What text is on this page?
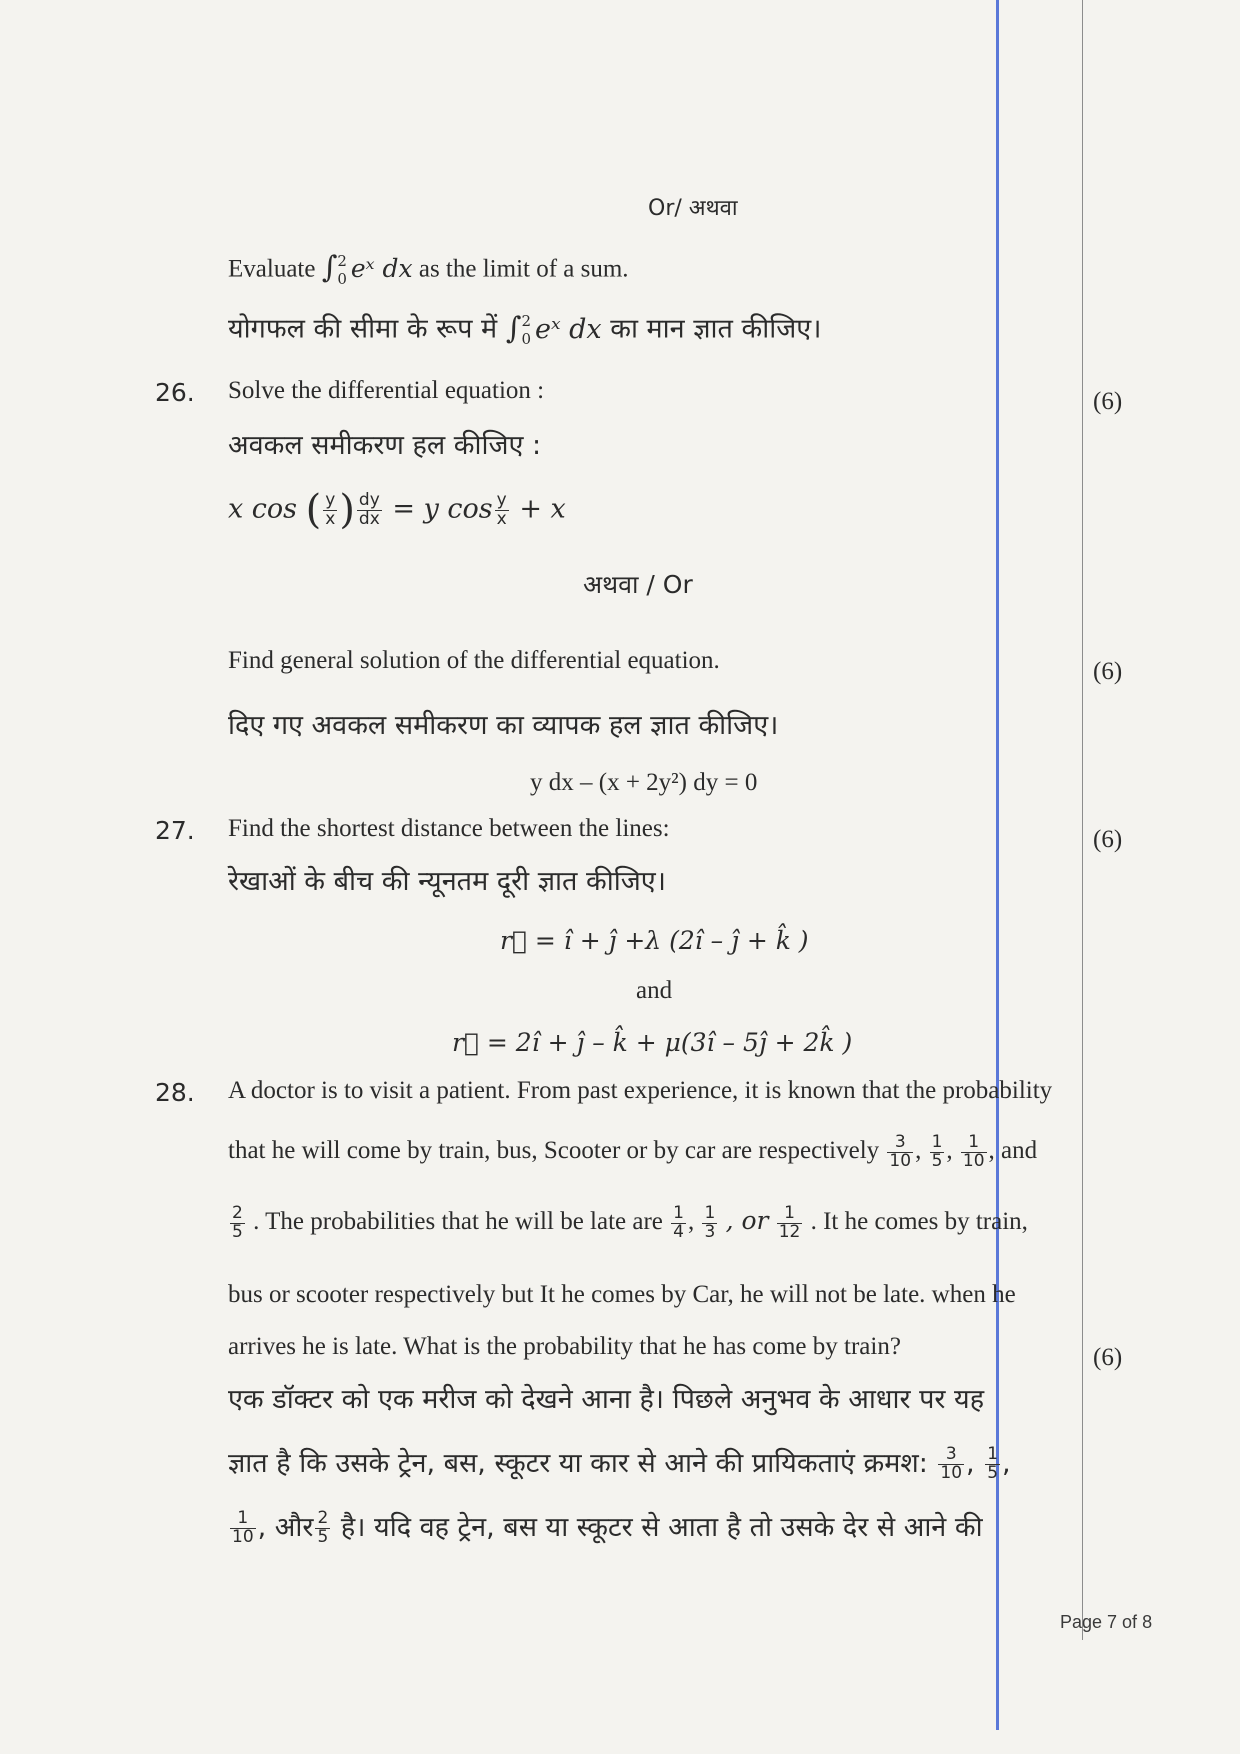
Or/ अथवा
Evaluate ∫ 2
0 eˣ dx as the limit of a sum.
योगफल की सीमा के रूप में ∫ 2
0 eˣ dx का मान ज्ञात कीजिए।
26. Solve the differential equation :	(6)
अवकल समीकरण हल कीजिए :
x cos ( $\frac{y}{x}$ ) $\frac{dy}{dx} = y$ $\cos \frac{y}{x} + x$
अथवा / Or
Find general solution of the differential equation.	(6)
दिए गए अवकल समीकरण का व्यापक हल ज्ञात कीजिए।
y dx – (x + 2y²) dy = 0
27. Find the shortest distance between the lines:	(6)
रेखाओं के बीच की न्यूनतम दूरी ज्ञात कीजिए।
r⃗ = î + ĵ +λ (2î – ĵ + k̂ )
and
r⃗ = 2î + ĵ – k̂ + μ(3î – 5ĵ + 2k̂ )
28. A doctor is to visit a patient. From past experience, it is known that the probability
that he will come by train, bus, Scooter or by car are respectively $\frac{3}{10}$ , $\frac{1}{5}$ , $\frac{1}{10}$ , and
$\frac{2}{5}$ . The probabilities that he will be late are $\frac{1}{4}$ , $\frac{1}{3}$ , or $\frac{1}{12}$ . It he comes by train,
bus or scooter respectively but It he comes by Car, he will not be late. when he
arrives he is late. What is the probability that he has come by train?	(6)
एक डॉक्टर को एक मरीज को देखने आना है। पिछले अनुभव के आधार पर यह
ज्ञात है कि उसके ट्रेन, बस, स्कूटर या कार से आने की प्रायिकताएं क्रमश: $\frac{3}{10}$ , $\frac{1}{5}$ ,
$\frac{1}{10}$ , और $\frac{2}{5}$ है। यदि वह ट्रेन, बस या स्कूटर से आता है तो उसके देर से आने की
Page 7 of 8
